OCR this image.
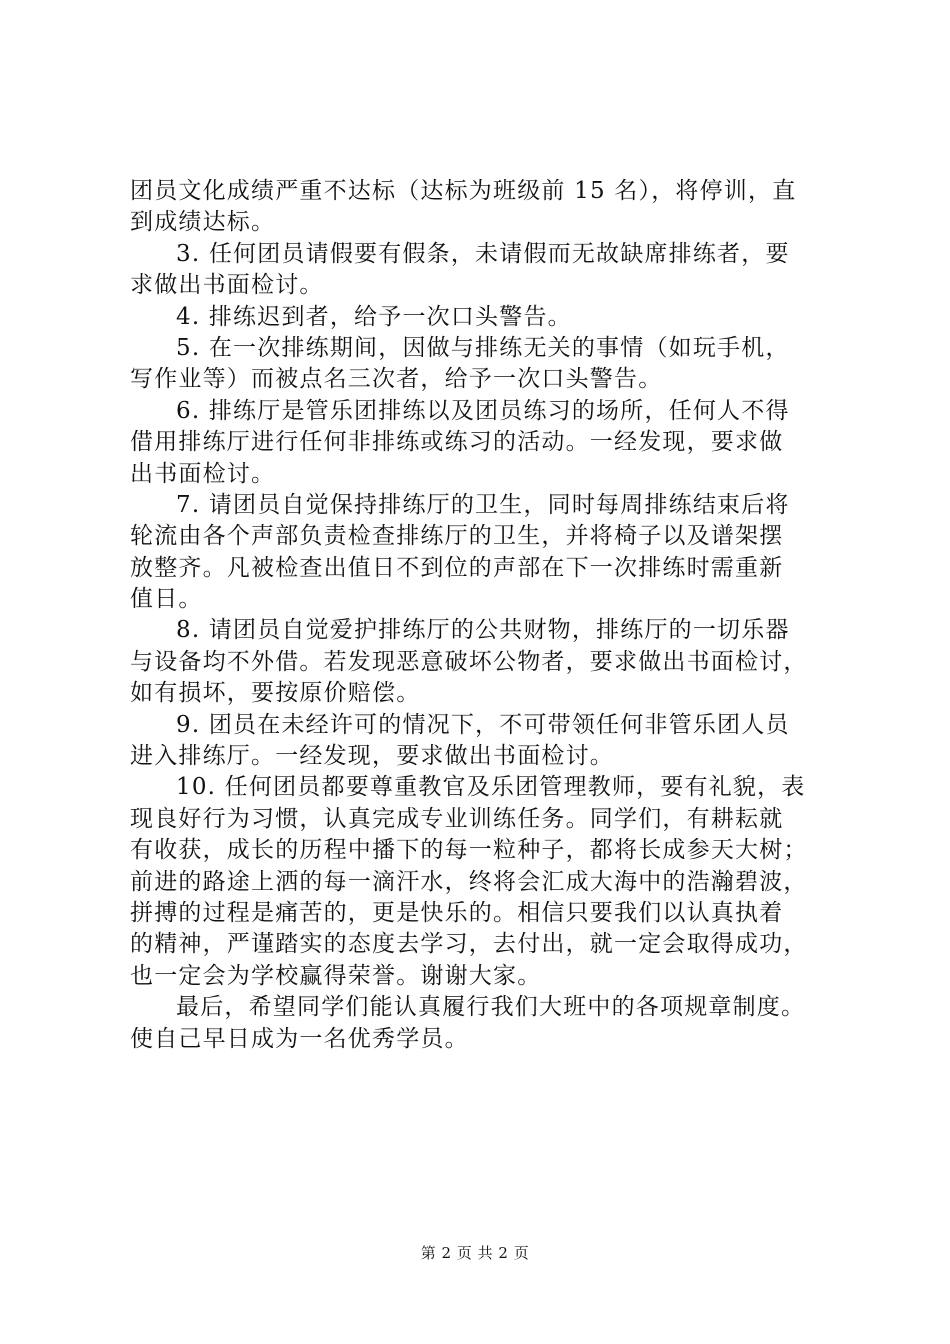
团员文化成绩严重不达标（达标为班级前 15 名），将停训，直
到成绩达标。
3. 任何团员请假要有假条，未请假而无故缺席排练者，要
求做出书面检讨。
4. 排练迟到者，给予一次口头警告。
5. 在一次排练期间，因做与排练无关的事情（如玩手机，
写作业等）而被点名三次者，给予一次口头警告。
6. 排练厅是管乐团排练以及团员练习的场所，任何人不得
借用排练厅进行任何非排练或练习的活动。一经发现，要求做
出书面检讨。
7. 请团员自觉保持排练厅的卫生，同时每周排练结束后将
轮流由各个声部负责检查排练厅的卫生，并将椅子以及谱架摆
放整齐。凡被检查出值日不到位的声部在下一次排练时需重新
值日。
8. 请团员自觉爱护排练厅的公共财物，排练厅的一切乐器
与设备均不外借。若发现恶意破坏公物者，要求做出书面检讨，
如有损坏，要按原价赔偿。
9. 团员在未经许可的情况下，不可带领任何非管乐团人员
进入排练厅。一经发现，要求做出书面检讨。
10. 任何团员都要尊重教官及乐团管理教师，要有礼貌，表
现良好行为习惯，认真完成专业训练任务。同学们，有耕耘就
有收获，成长的历程中播下的每一粒种子，都将长成参天大树；
前进的路途上洒的每一滴汗水，终将会汇成大海中的浩瀚碧波，
拼搏的过程是痛苦的，更是快乐的。相信只要我们以认真执着
的精神，严谨踏实的态度去学习，去付出，就一定会取得成功，
也一定会为学校赢得荣誉。谢谢大家。
最后，希望同学们能认真履行我们大班中的各项规章制度。
使自己早日成为一名优秀学员。
第 2 页 共 2 页
